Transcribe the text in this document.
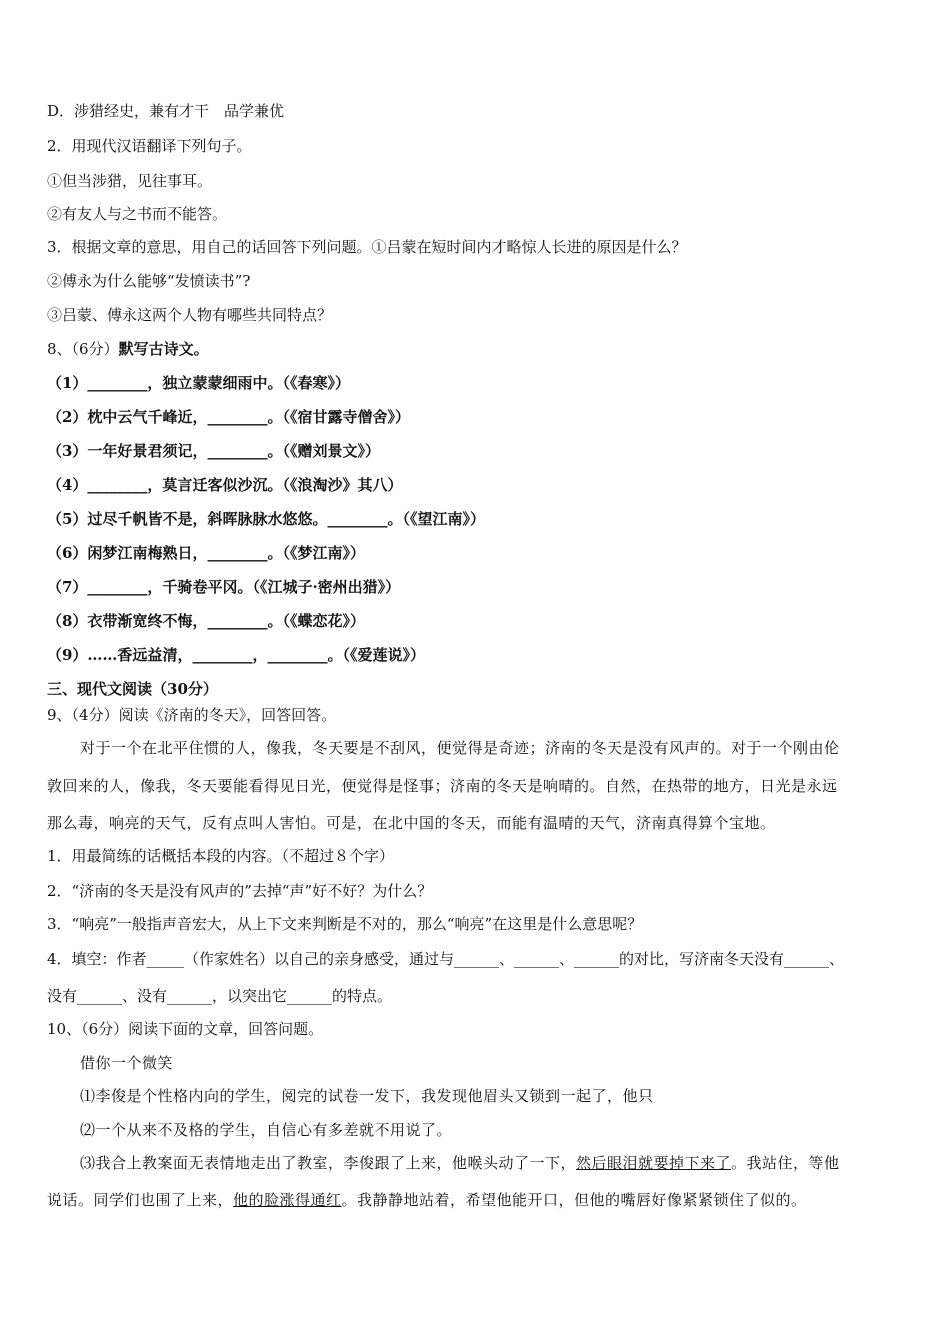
D．涉猎经史，兼有才干　品学兼优
2．用现代汉语翻译下列句子。
①但当涉猎，见往事耳。
②有友人与之书而不能答。
3．根据文章的意思，用自己的话回答下列问题。①吕蒙在短时间内才略惊人长进的原因是什么？
②傅永为什么能够“发愤读书”?
③吕蒙、傅永这两个人物有哪些共同特点？
8、（6分）默写古诗文。
（1）________，独立蒙蒙细雨中。（《春寒》）
（2）枕中云气千峰近，________。（《宿甘露寺僧舍》）
（3）一年好景君须记，________。（《赠刘景文》）
（4）________，莫言迁客似沙沉。（《浪淘沙》其八）
（5）过尽千帆皆不是，斜晖脉脉水悠悠。________。（《望江南》）
（6）闲梦江南梅熟日，________。（《梦江南》）
（7）________，千骑卷平冈。（《江城子·密州出猎》）
（8）衣带渐宽终不悔，________。（《蝶恋花》）
（9）……香远益清，________，________。（《爱莲说》）
三、现代文阅读（30分）
9、（4分）阅读《济南的冬天》，回答回答。
对于一个在北平住惯的人，像我，冬天要是不刮风，便觉得是奇迹；济南的冬天是没有风声的。对于一个刚由伦
敦回来的人，像我，冬天要能看得见日光，便觉得是怪事；济南的冬天是响晴的。自然，在热带的地方，日光是永远
那么毒，响亮的天气，反有点叫人害怕。可是，在北中国的冬天，而能有温晴的天气，济南真得算个宝地。
1．用最简练的话概括本段的内容。（不超过８个字）
2．“济南的冬天是没有风声的”去掉“声”好不好？为什么？
3．“响亮”一般指声音宏大，从上下文来判断是不对的，那么“响亮”在这里是什么意思呢？
4．填空：作者_____（作家姓名）以自己的亲身感受，通过与______、______、______的对比，写济南冬天没有______、
没有______、没有______，以突出它______的特点。
10、（6分）阅读下面的文章，回答问题。
借你一个微笑
⑴李俊是个性格内向的学生，阅完的试卷一发下，我发现他眉头又锁到一起了，他只
⑵一个从来不及格的学生，自信心有多差就不用说了。
⑶我合上教案面无表情地走出了教室，李俊跟了上来，他喉头动了一下，然后眼泪就要掉下来了。我站住，等他
说话。同学们也围了上来，他的脸涨得通红。我静静地站着，希望他能开口，但他的嘴唇好像紧紧锁住了似的。
